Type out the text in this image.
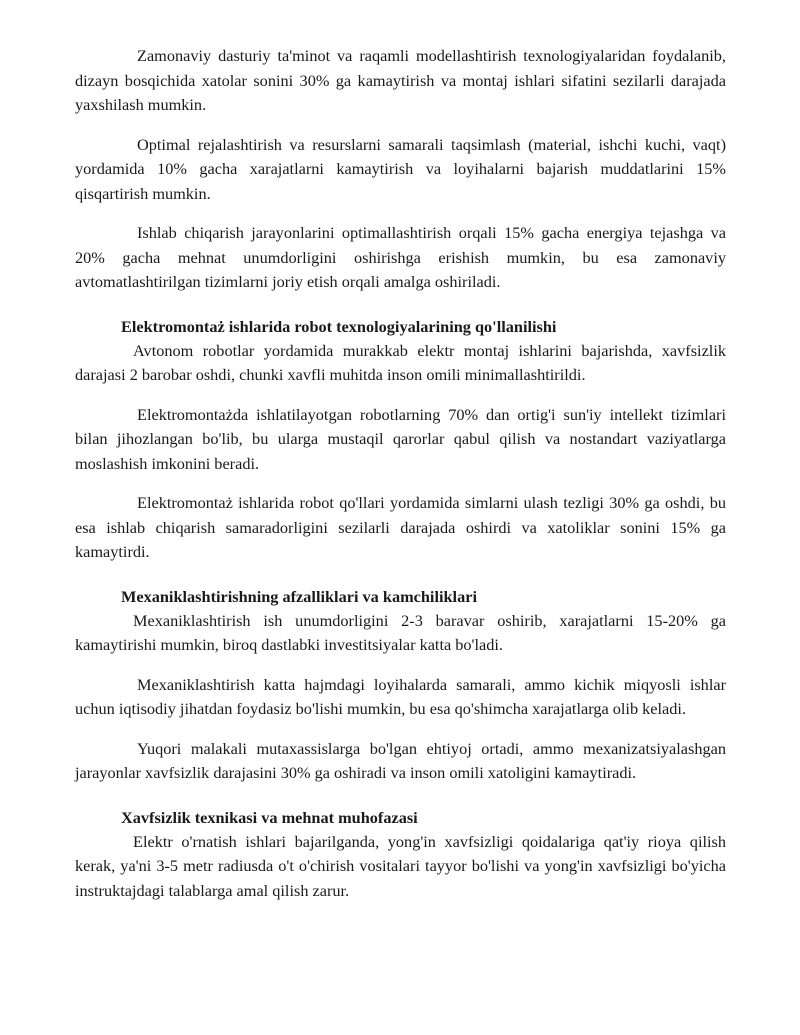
Zamonaviy dasturiy ta'minot va raqamli modellashtirish texnologiyalaridan foydalanib, dizayn bosqichida xatolar sonini 30% ga kamaytirish va montaj ishlari sifatini sezilarli darajada yaxshilash mumkin.

Optimal rejalashtirish va resurslarni samarali taqsimlash (material, ishchi kuchi, vaqt) yordamida 10% gacha xarajatlarni kamaytirish va loyihalarni bajarish muddatlarini 15% qisqartirish mumkin.

Ishlab chiqarish jarayonlarini optimallashtirish orqali 15% gacha energiya tejashga va 20% gacha mehnat unumdorligini oshirishga erishish mumkin, bu esa zamonaviy avtomatlashtirilgan tizimlarni joriy etish orqali amalga oshiriladi.

Elektromontaż ishlarida robot texnologiyalarining qo'llanilishi

Avtonom robotlar yordamida murakkab elektr montaj ishlarini bajarishda, xavfsizlik darajasi 2 barobar oshdi, chunki xavfli muhitda inson omili minimallashtirildi.

Elektromontażda ishlatilayotgan robotlarning 70% dan ortig'i sun'iy intellekt tizimlari bilan jihozlangan bo'lib, bu ularga mustaqil qarorlar qabul qilish va nostandart vaziyatlarga moslashish imkonini beradi.

Elektromontaż ishlarida robot qo'llari yordamida simlarni ulash tezligi 30% ga oshdi, bu esa ishlab chiqarish samaradorligini sezilarli darajada oshirdi va xatoliklar sonini 15% ga kamaytirdi.

Mexaniklashtirishning afzalliklari va kamchiliklari

Mexaniklashtirish ish unumdorligini 2-3 baravar oshirib, xarajatlarni 15-20% ga kamaytirishi mumkin, biroq dastlabki investitsiyalar katta bo'ladi.

Mexaniklashtirish katta hajmdagi loyihalarda samarali, ammo kichik miqyosli ishlar uchun iqtisodiy jihatdan foydasiz bo'lishi mumkin, bu esa qo'shimcha xarajatlarga olib keladi.

Yuqori malakali mutaxassislarga bo'lgan ehtiyoj ortadi, ammo mexanizatsiyalashgan jarayonlar xavfsizlik darajasini 30% ga oshiradi va inson omili xatoligini kamaytiradi.

Xavfsizlik texnikasi va mehnat muhofazasi

Elektr o'rnatish ishlari bajarilganda, yong'in xavfsizligi qoidalariga qat'iy rioya qilish kerak, ya'ni 3-5 metr radiusda o't o'chirish vositalari tayyor bo'lishi va yong'in xavfsizligi bo'yicha instruktajdagi talablarga amal qilish zarur.
